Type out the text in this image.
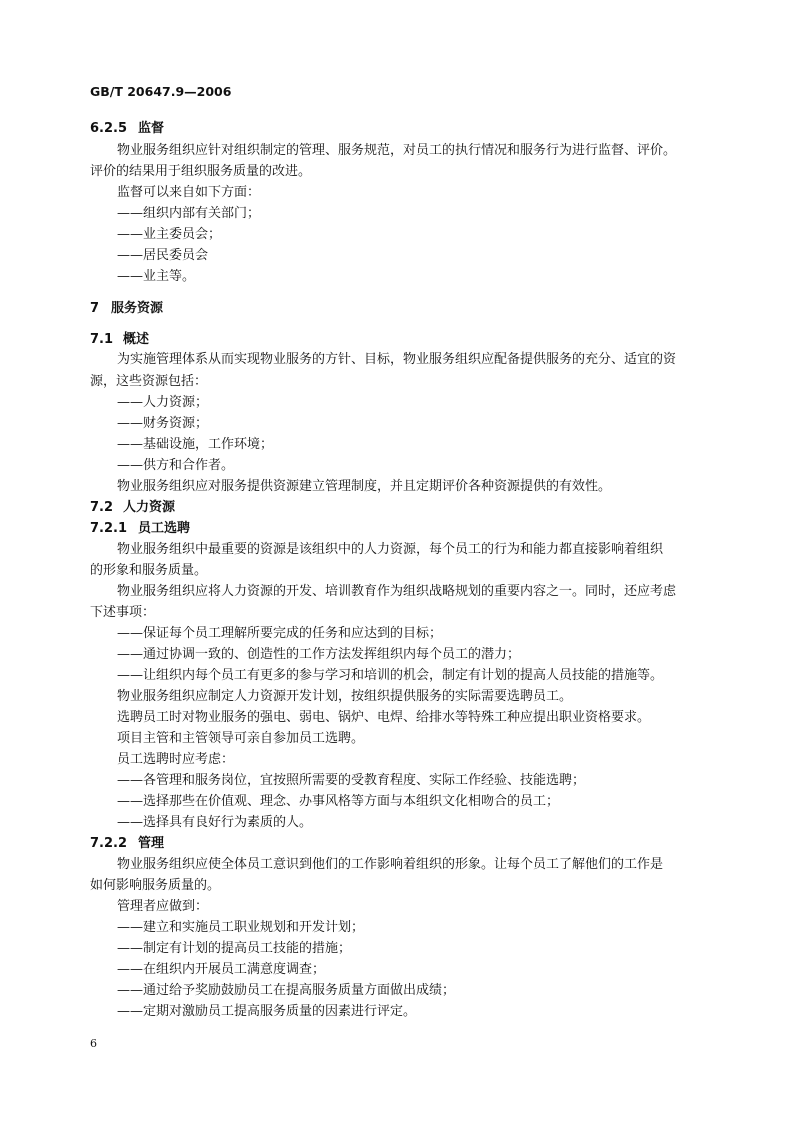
GB/T 20647.9—2006
6.2.5 监督
物业服务组织应针对组织制定的管理、服务规范，对员工的执行情况和服务行为进行监督、评价。
评价的结果用于组织服务质量的改进。
监督可以来自如下方面：
——组织内部有关部门；
——业主委员会；
——居民委员会
——业主等。
7 服务资源
7.1 概述
为实施管理体系从而实现物业服务的方针、目标，物业服务组织应配备提供服务的充分、适宜的资
源，这些资源包括：
——人力资源；
——财务资源；
——基础设施，工作环境；
——供方和合作者。
物业服务组织应对服务提供资源建立管理制度，并且定期评价各种资源提供的有效性。
7.2 人力资源
7.2.1 员工选聘
物业服务组织中最重要的资源是该组织中的人力资源，每个员工的行为和能力都直接影响着组织
的形象和服务质量。
物业服务组织应将人力资源的开发、培训教育作为组织战略规划的重要内容之一。同时，还应考虑
下述事项：
——保证每个员工理解所要完成的任务和应达到的目标；
——通过协调一致的、创造性的工作方法发挥组织内每个员工的潜力；
——让组织内每个员工有更多的参与学习和培训的机会，制定有计划的提高人员技能的措施等。
物业服务组织应制定人力资源开发计划，按组织提供服务的实际需要选聘员工。
选聘员工时对物业服务的强电、弱电、锅炉、电焊、给排水等特殊工种应提出职业资格要求。
项目主管和主管领导可亲自参加员工选聘。
员工选聘时应考虑：
——各管理和服务岗位，宜按照所需要的受教育程度、实际工作经验、技能选聘；
——选择那些在价值观、理念、办事风格等方面与本组织文化相吻合的员工；
——选择具有良好行为素质的人。
7.2.2 管理
物业服务组织应使全体员工意识到他们的工作影响着组织的形象。让每个员工了解他们的工作是
如何影响服务质量的。
管理者应做到：
——建立和实施员工职业规划和开发计划；
——制定有计划的提高员工技能的措施；
——在组织内开展员工满意度调查；
——通过给予奖励鼓励员工在提高服务质量方面做出成绩；
——定期对激励员工提高服务质量的因素进行评定。
6
